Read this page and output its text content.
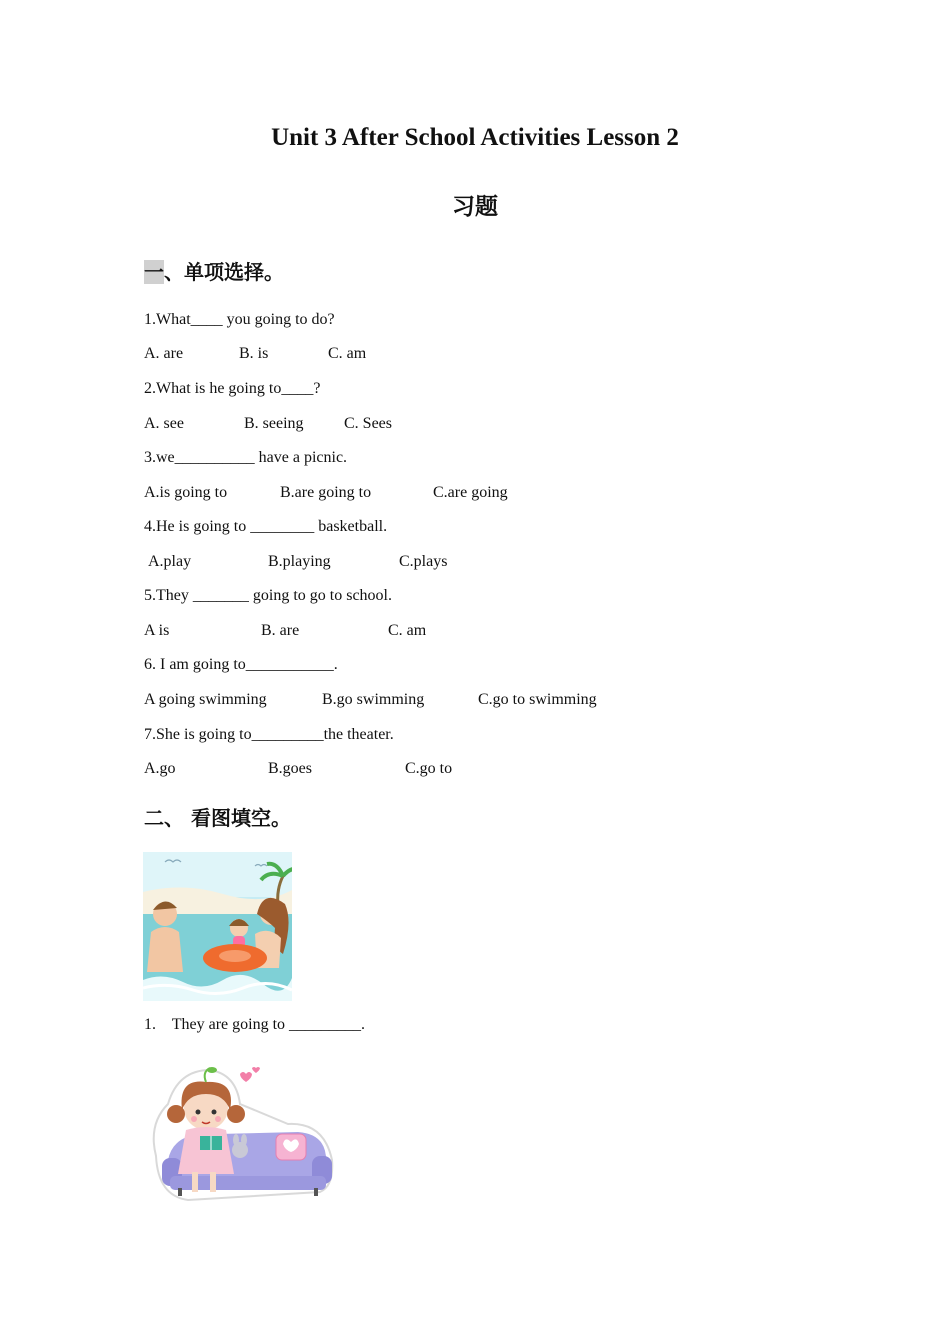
Unit 3 After School Activities Lesson 2
习题
一、单项选择。
1.What____ you going to do?
A. are	B. is	C. am
2.What is he going to____?
A. see	B. seeing	C. Sees
3.we__________ have a picnic.
A.is going to	B.are going to	C.are going
4.He is going to ________ basketball.
A.play	B.playing	C.plays
5.They _______ going to go to school.
A is	B. are	C. am
6. I am going to___________.
A going swimming	B.go swimming	C.go to swimming
7.She is going to_________the theater.
A.go	B.goes	C.go to
二、 看图填空。
1.    They are going to _________.
